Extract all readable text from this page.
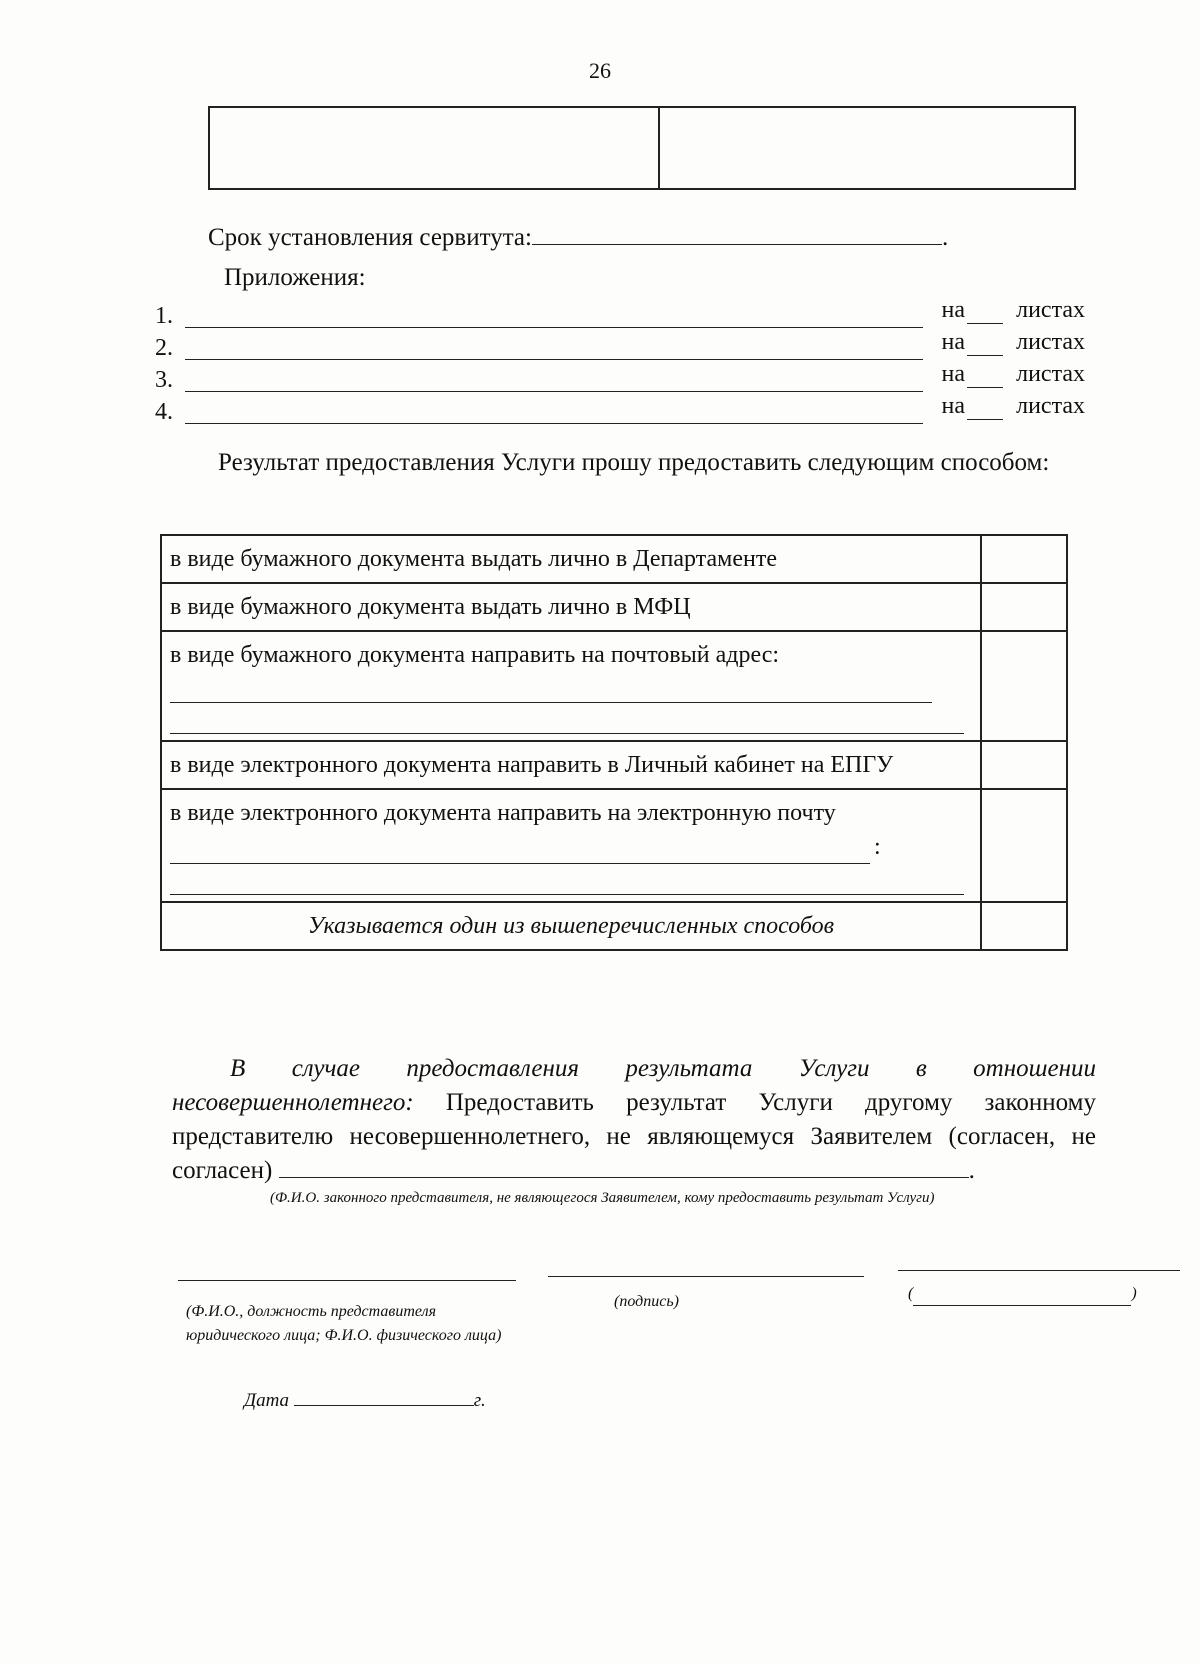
26
Срок установления сервитута:	.
Приложения:
1.	на листах
2.	на листах
3.	на листах
4.	на листах
Результат предоставления Услуги прошу предоставить следующим способом:
в виде бумажного документа выдать лично в Департаменте
в виде бумажного документа выдать лично в МФЦ
в виде бумажного документа направить на почтовый адрес:
в виде электронного документа направить в Личный кабинет на ЕПГУ
в виде электронного документа направить на электронную почту
:
Указывается один из вышеперечисленных способов
В случае предоставления результата Услуги в отношении несовершеннолетнего: Предоставить результат Услуги другому законному представителю несовершеннолетнего, не являющемуся Заявителем (согласен, не согласен)	.
(Ф.И.О. законного представителя, не являющегося Заявителем, кому предоставить результат Услуги)
(Ф.И.О., должность представителя юридического лица; Ф.И.О. физического лица)
(подпись)	(	)
Дата	г.
